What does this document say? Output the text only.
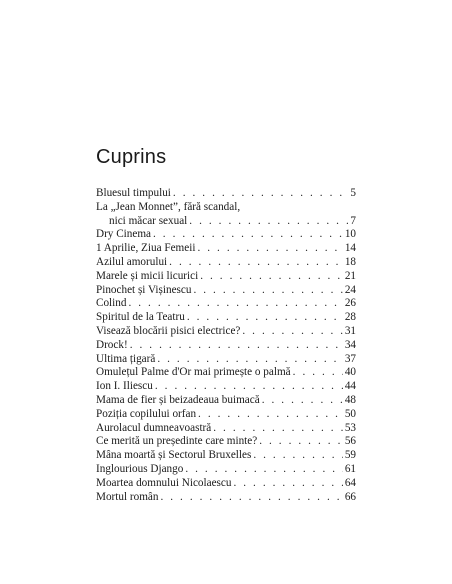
Cuprins
Bluesul timpului . . .	5
La „Jean Monnet”, fără scandal,
nici măcar sexual . . .	7
Dry Cinema . . .	10
1 Aprilie, Ziua Femeii . . .	14
Azilul amorului . . .	18
Marele și micii licurici . . .	21
Pinochet și Vișinescu . . .	24
Colind . . .	26
Spiritul de la Teatru . . .	28
Visează blocării pisici electrice? . . .	31
Drock! . . .	34
Ultima țigară . . .	37
Omulețul Palme d'Or mai primește o palmă . . .	40
Ion I. Iliescu . . .	44
Mama de fier și beizadeaua buimacă . . .	48
Poziția copilului orfan . . .	50
Aurolacul dumneavoastră . . .	53
Ce merită un președinte care minte? . . .	56
Mâna moartă și Sectorul Bruxelles . . .	59
Inglourious Django . . .	61
Moartea domnului Nicolaescu . . .	64
Mortul român . . .	66
